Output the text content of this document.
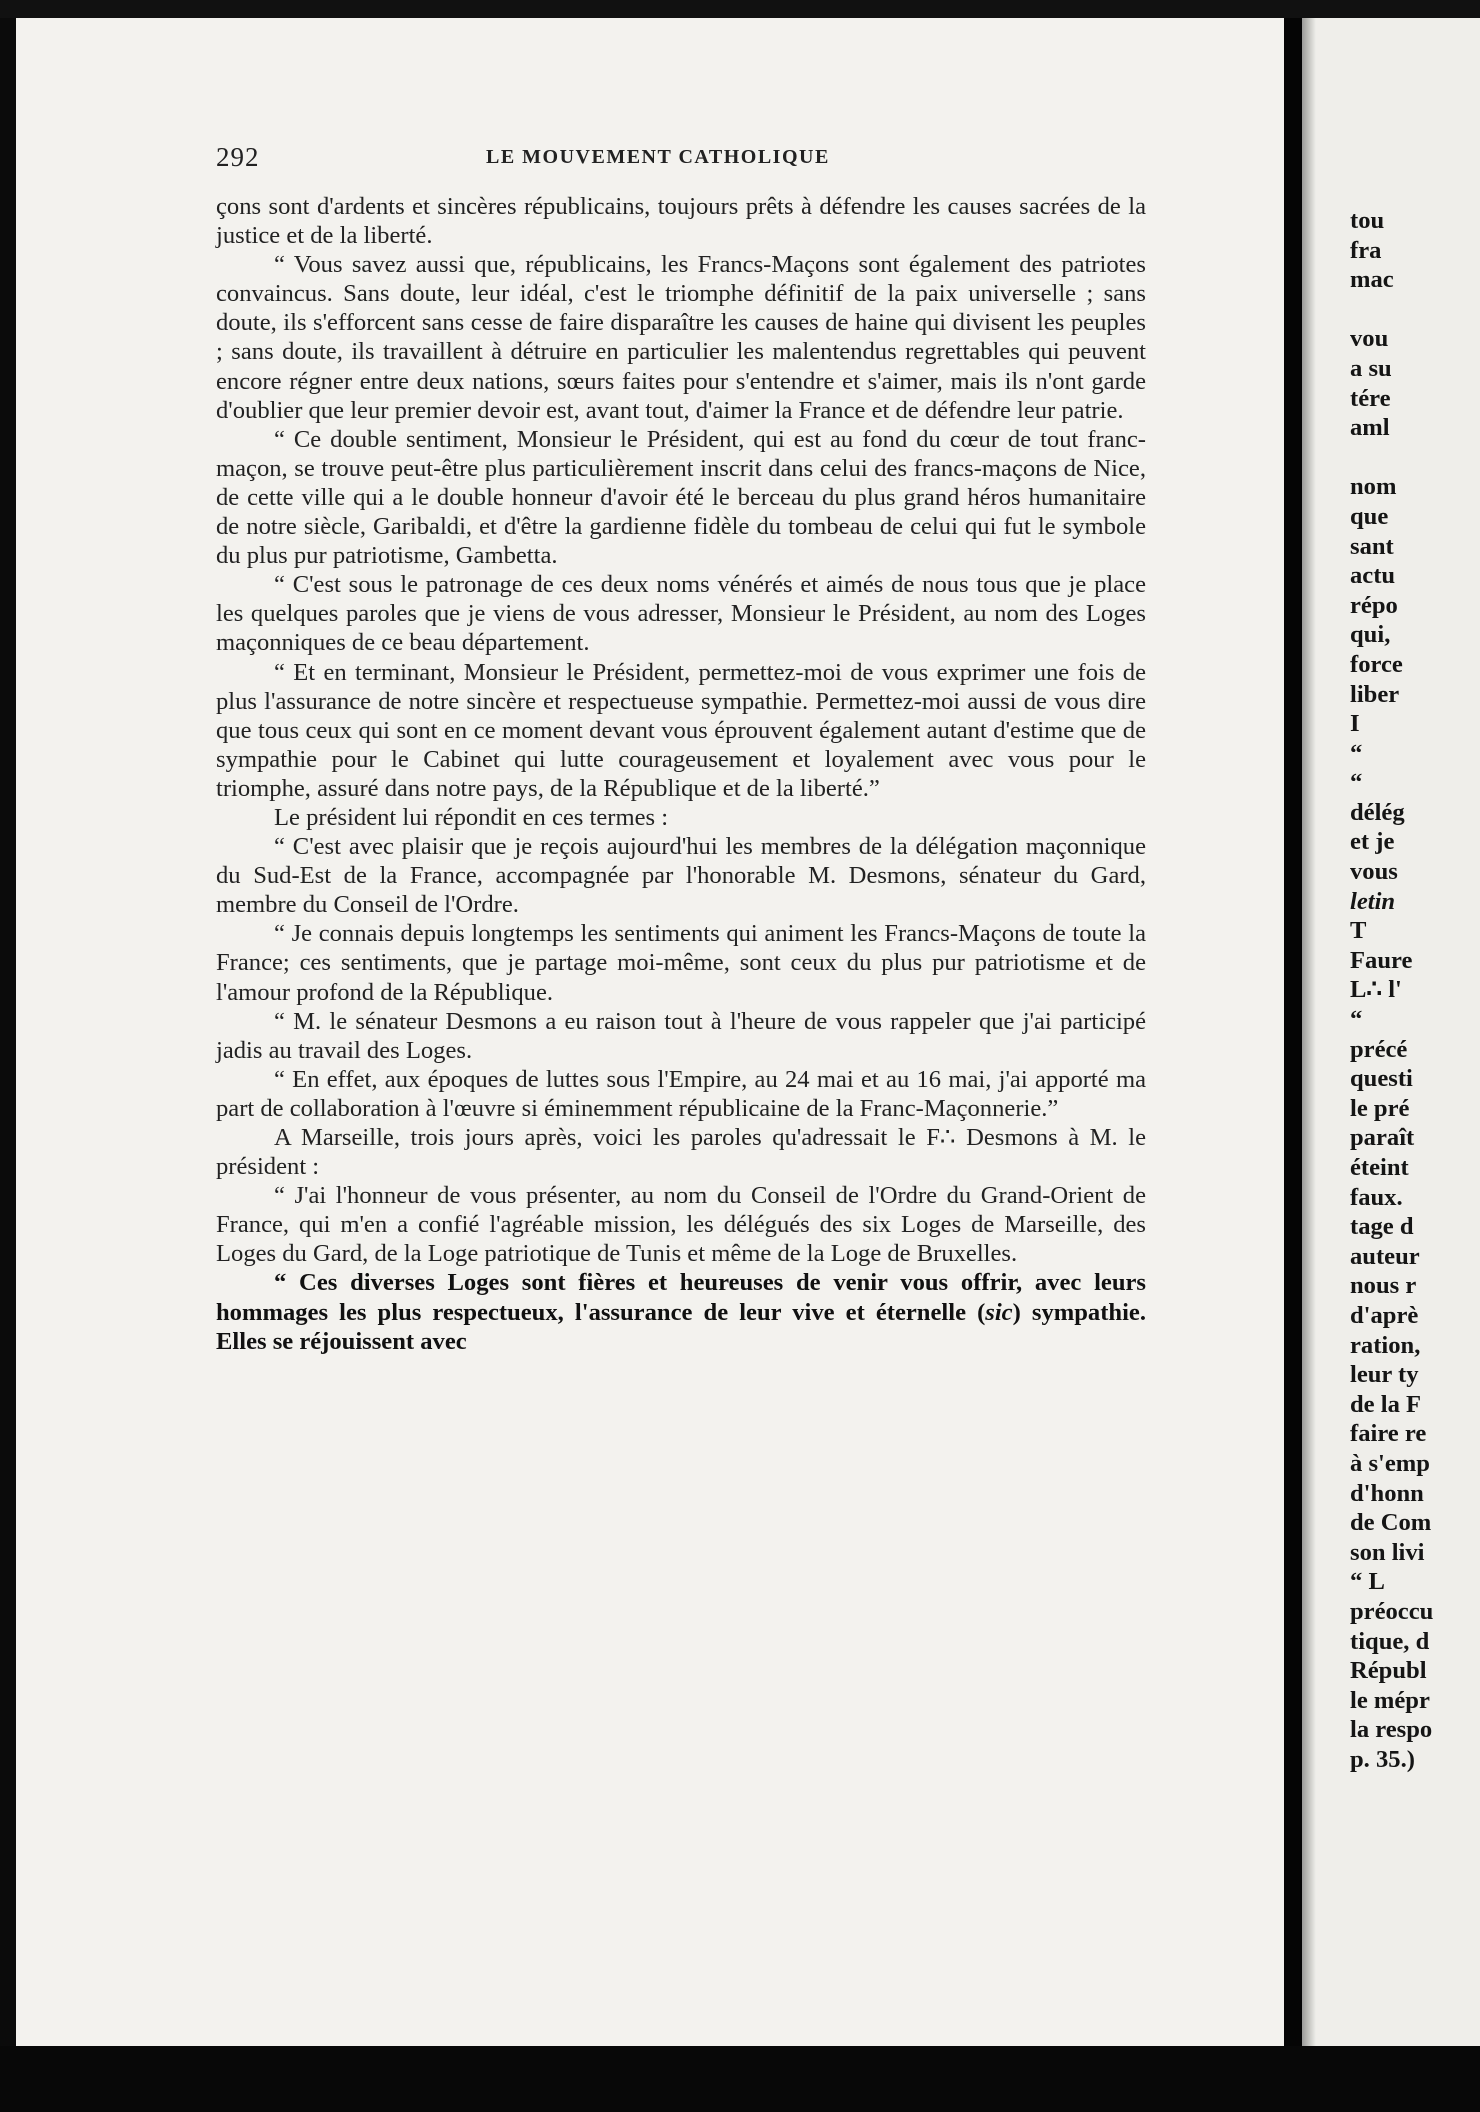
292	LE MOUVEMENT CATHOLIQUE

çons sont d'ardents et sincères républicains, toujours prêts à défendre les causes sacrées de la justice et de la liberté.

“ Vous savez aussi que, républicains, les Francs-Maçons sont également des patriotes convaincus. Sans doute, leur idéal, c'est le triomphe définitif de la paix universelle ; sans doute, ils s'efforcent sans cesse de faire disparaître les causes de haine qui divisent les peuples ; sans doute, ils travaillent à détruire en particulier les malentendus regrettables qui peuvent encore régner entre deux nations, sœurs faites pour s'entendre et s'aimer, mais ils n'ont garde d'oublier que leur premier devoir est, avant tout, d'aimer la France et de défendre leur patrie.

“ Ce double sentiment, Monsieur le Président, qui est au fond du cœur de tout franc-maçon, se trouve peut-être plus particulièrement inscrit dans celui des francs-maçons de Nice, de cette ville qui a le double honneur d'avoir été le berceau du plus grand héros humanitaire de notre siècle, Garibaldi, et d'être la gardienne fidèle du tombeau de celui qui fut le symbole du plus pur patriotisme, Gambetta.

“ C'est sous le patronage de ces deux noms vénérés et aimés de nous tous que je place les quelques paroles que je viens de vous adresser, Monsieur le Président, au nom des Loges maçonniques de ce beau département.

“ Et en terminant, Monsieur le Président, permettez-moi de vous exprimer une fois de plus l'assurance de notre sincère et respectueuse sympathie. Permettez-moi aussi de vous dire que tous ceux qui sont en ce moment devant vous éprouvent également autant d'estime que de sympathie pour le Cabinet qui lutte courageusement et loyalement avec vous pour le triomphe, assuré dans notre pays, de la République et de la liberté.”

Le président lui répondit en ces termes :

“ C'est avec plaisir que je reçois aujourd'hui les membres de la délégation maçonnique du Sud-Est de la France, accompagnée par l'honorable M. Desmons, sénateur du Gard, membre du Conseil de l'Ordre.

“ Je connais depuis longtemps les sentiments qui animent les Francs-Maçons de toute la France; ces sentiments, que je partage moi-même, sont ceux du plus pur patriotisme et de l'amour profond de la République.

“ M. le sénateur Desmons a eu raison tout à l'heure de vous rappeler que j'ai participé jadis au travail des Loges.

“ En effet, aux époques de luttes sous l'Empire, au 24 mai et au 16 mai, j'ai apporté ma part de collaboration à l'œuvre si éminemment républicaine de la Franc-Maçonnerie.”

A Marseille, trois jours après, voici les paroles qu'adressait le F∴ Desmons à M. le président :

“ J'ai l'honneur de vous présenter, au nom du Conseil de l'Ordre du Grand-Orient de France, qui m'en a confié l'agréable mission, les délégués des six Loges de Marseille, des Loges du Gard, de la Loge patriotique de Tunis et même de la Loge de Bruxelles.

“ Ces diverses Loges sont fières et heureuses de venir vous offrir, avec leurs hommages les plus respectueux, l'assurance de leur vive et éternelle (sic) sympathie. Elles se réjouissent avec

tou
fra
mac
vou
a su
tére
aml
nom
que
sant
actu
répo
qui,
force
liber
I
“
“
délég
et je
vous
letin
T
Faure
L∴ l'
“
précé
questi
le pré
paraît
éteint
faux.
tage d
auteur
nous r
d'aprè
ration,
leur ty
de la F
faire re
à s'emp
d'honn
de Com
son livi
“ L
préoccu
tique, d
Républ
le mépr
la respo
p. 35.)
